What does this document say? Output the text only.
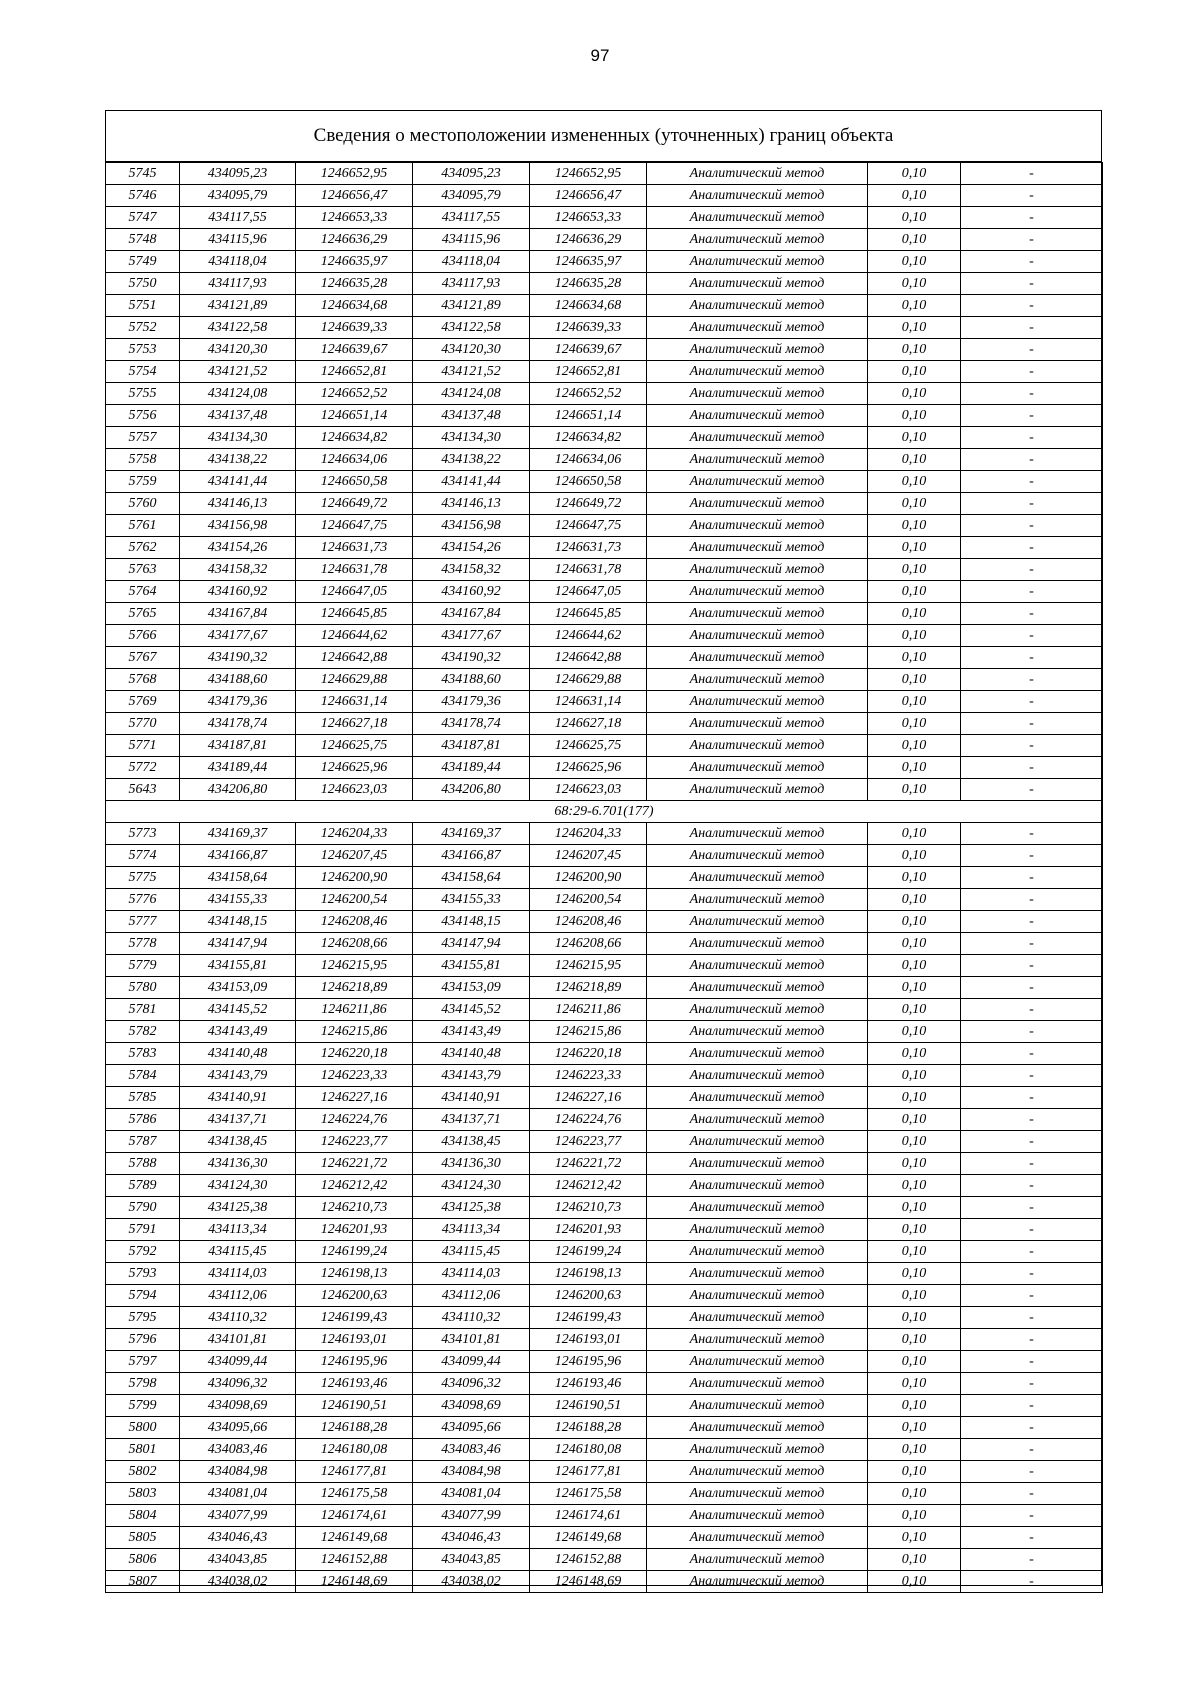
97
Сведения о местоположении измененных (уточненных) границ объекта
5745	434095,23	1246652,95	434095,23	1246652,95	Аналитический метод	0,10	-
5746	434095,79	1246656,47	434095,79	1246656,47	Аналитический метод	0,10	-
5747	434117,55	1246653,33	434117,55	1246653,33	Аналитический метод	0,10	-
5748	434115,96	1246636,29	434115,96	1246636,29	Аналитический метод	0,10	-
5749	434118,04	1246635,97	434118,04	1246635,97	Аналитический метод	0,10	-
5750	434117,93	1246635,28	434117,93	1246635,28	Аналитический метод	0,10	-
5751	434121,89	1246634,68	434121,89	1246634,68	Аналитический метод	0,10	-
5752	434122,58	1246639,33	434122,58	1246639,33	Аналитический метод	0,10	-
5753	434120,30	1246639,67	434120,30	1246639,67	Аналитический метод	0,10	-
5754	434121,52	1246652,81	434121,52	1246652,81	Аналитический метод	0,10	-
5755	434124,08	1246652,52	434124,08	1246652,52	Аналитический метод	0,10	-
5756	434137,48	1246651,14	434137,48	1246651,14	Аналитический метод	0,10	-
5757	434134,30	1246634,82	434134,30	1246634,82	Аналитический метод	0,10	-
5758	434138,22	1246634,06	434138,22	1246634,06	Аналитический метод	0,10	-
5759	434141,44	1246650,58	434141,44	1246650,58	Аналитический метод	0,10	-
5760	434146,13	1246649,72	434146,13	1246649,72	Аналитический метод	0,10	-
5761	434156,98	1246647,75	434156,98	1246647,75	Аналитический метод	0,10	-
5762	434154,26	1246631,73	434154,26	1246631,73	Аналитический метод	0,10	-
5763	434158,32	1246631,78	434158,32	1246631,78	Аналитический метод	0,10	-
5764	434160,92	1246647,05	434160,92	1246647,05	Аналитический метод	0,10	-
5765	434167,84	1246645,85	434167,84	1246645,85	Аналитический метод	0,10	-
5766	434177,67	1246644,62	434177,67	1246644,62	Аналитический метод	0,10	-
5767	434190,32	1246642,88	434190,32	1246642,88	Аналитический метод	0,10	-
5768	434188,60	1246629,88	434188,60	1246629,88	Аналитический метод	0,10	-
5769	434179,36	1246631,14	434179,36	1246631,14	Аналитический метод	0,10	-
5770	434178,74	1246627,18	434178,74	1246627,18	Аналитический метод	0,10	-
5771	434187,81	1246625,75	434187,81	1246625,75	Аналитический метод	0,10	-
5772	434189,44	1246625,96	434189,44	1246625,96	Аналитический метод	0,10	-
5643	434206,80	1246623,03	434206,80	1246623,03	Аналитический метод	0,10	-
68:29-6.701(177)							
5773	434169,37	1246204,33	434169,37	1246204,33	Аналитический метод	0,10	-
5774	434166,87	1246207,45	434166,87	1246207,45	Аналитический метод	0,10	-
5775	434158,64	1246200,90	434158,64	1246200,90	Аналитический метод	0,10	-
5776	434155,33	1246200,54	434155,33	1246200,54	Аналитический метод	0,10	-
5777	434148,15	1246208,46	434148,15	1246208,46	Аналитический метод	0,10	-
5778	434147,94	1246208,66	434147,94	1246208,66	Аналитический метод	0,10	-
5779	434155,81	1246215,95	434155,81	1246215,95	Аналитический метод	0,10	-
5780	434153,09	1246218,89	434153,09	1246218,89	Аналитический метод	0,10	-
5781	434145,52	1246211,86	434145,52	1246211,86	Аналитический метод	0,10	-
5782	434143,49	1246215,86	434143,49	1246215,86	Аналитический метод	0,10	-
5783	434140,48	1246220,18	434140,48	1246220,18	Аналитический метод	0,10	-
5784	434143,79	1246223,33	434143,79	1246223,33	Аналитический метод	0,10	-
5785	434140,91	1246227,16	434140,91	1246227,16	Аналитический метод	0,10	-
5786	434137,71	1246224,76	434137,71	1246224,76	Аналитический метод	0,10	-
5787	434138,45	1246223,77	434138,45	1246223,77	Аналитический метод	0,10	-
5788	434136,30	1246221,72	434136,30	1246221,72	Аналитический метод	0,10	-
5789	434124,30	1246212,42	434124,30	1246212,42	Аналитический метод	0,10	-
5790	434125,38	1246210,73	434125,38	1246210,73	Аналитический метод	0,10	-
5791	434113,34	1246201,93	434113,34	1246201,93	Аналитический метод	0,10	-
5792	434115,45	1246199,24	434115,45	1246199,24	Аналитический метод	0,10	-
5793	434114,03	1246198,13	434114,03	1246198,13	Аналитический метод	0,10	-
5794	434112,06	1246200,63	434112,06	1246200,63	Аналитический метод	0,10	-
5795	434110,32	1246199,43	434110,32	1246199,43	Аналитический метод	0,10	-
5796	434101,81	1246193,01	434101,81	1246193,01	Аналитический метод	0,10	-
5797	434099,44	1246195,96	434099,44	1246195,96	Аналитический метод	0,10	-
5798	434096,32	1246193,46	434096,32	1246193,46	Аналитический метод	0,10	-
5799	434098,69	1246190,51	434098,69	1246190,51	Аналитический метод	0,10	-
5800	434095,66	1246188,28	434095,66	1246188,28	Аналитический метод	0,10	-
5801	434083,46	1246180,08	434083,46	1246180,08	Аналитический метод	0,10	-
5802	434084,98	1246177,81	434084,98	1246177,81	Аналитический метод	0,10	-
5803	434081,04	1246175,58	434081,04	1246175,58	Аналитический метод	0,10	-
5804	434077,99	1246174,61	434077,99	1246174,61	Аналитический метод	0,10	-
5805	434046,43	1246149,68	434046,43	1246149,68	Аналитический метод	0,10	-
5806	434043,85	1246152,88	434043,85	1246152,88	Аналитический метод	0,10	-
5807	434038,02	1246148,69	434038,02	1246148,69	Аналитический метод	0,10	-
